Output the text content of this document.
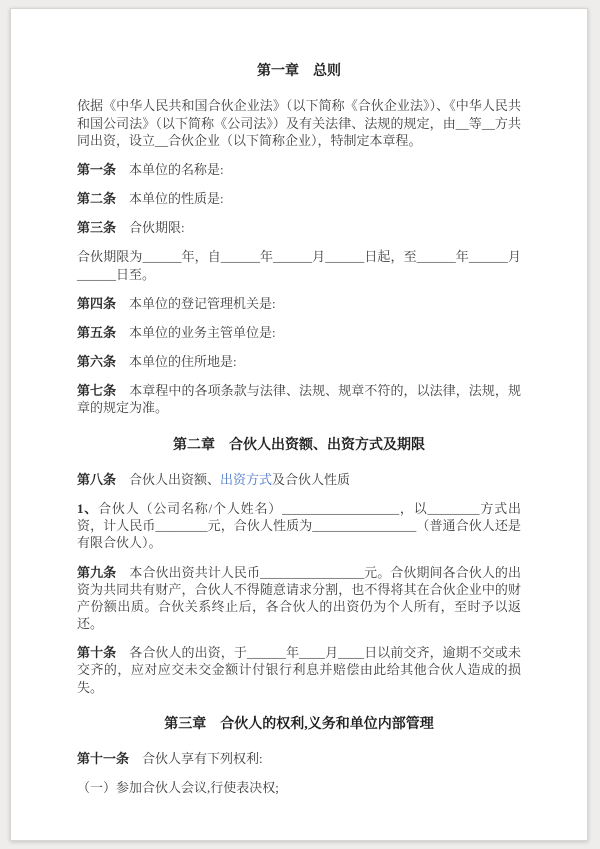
第一章　总则

依据《中华人民共和国合伙企业法》（以下简称《合伙企业法》）、《中华人民共和国公司法》（以下简称《公司法》）及有关法律、法规的规定，由__等__方共同出资，设立__合伙企业（以下简称企业），特制定本章程。

第一条　本单位的名称是:

第二条　本单位的性质是:

第三条　合伙期限:

合伙期限为______年，自______年______月______日起，至______年______月______日至。

第四条　本单位的登记管理机关是:

第五条　本单位的业务主管单位是:

第六条　本单位的住所地是:

第七条　本章程中的各项条款与法律、法规、规章不符的，以法律，法规，规章的规定为准。

第二章　合伙人出资额、出资方式及期限

第八条　合伙人出资额、出资方式及合伙人性质

1、合伙人（公司名称/个人姓名）__________________，以________方式出资，计人民币________元，合伙人性质为________________（普通合伙人还是有限合伙人）。

第九条　本合伙出资共计人民币________________元。合伙期间各合伙人的出资为共同共有财产，合伙人不得随意请求分割，也不得将其在合伙企业中的财产份额出质。合伙关系终止后，各合伙人的出资仍为个人所有，至时予以返还。

第十条　各合伙人的出资，于______年____月____日以前交齐，逾期不交或未交齐的，应对应交未交金额计付银行利息并赔偿由此给其他合伙人造成的损失。

第三章　合伙人的权利,义务和单位内部管理

第十一条　合伙人享有下列权利:

（一）参加合伙人会议,行使表决权;
